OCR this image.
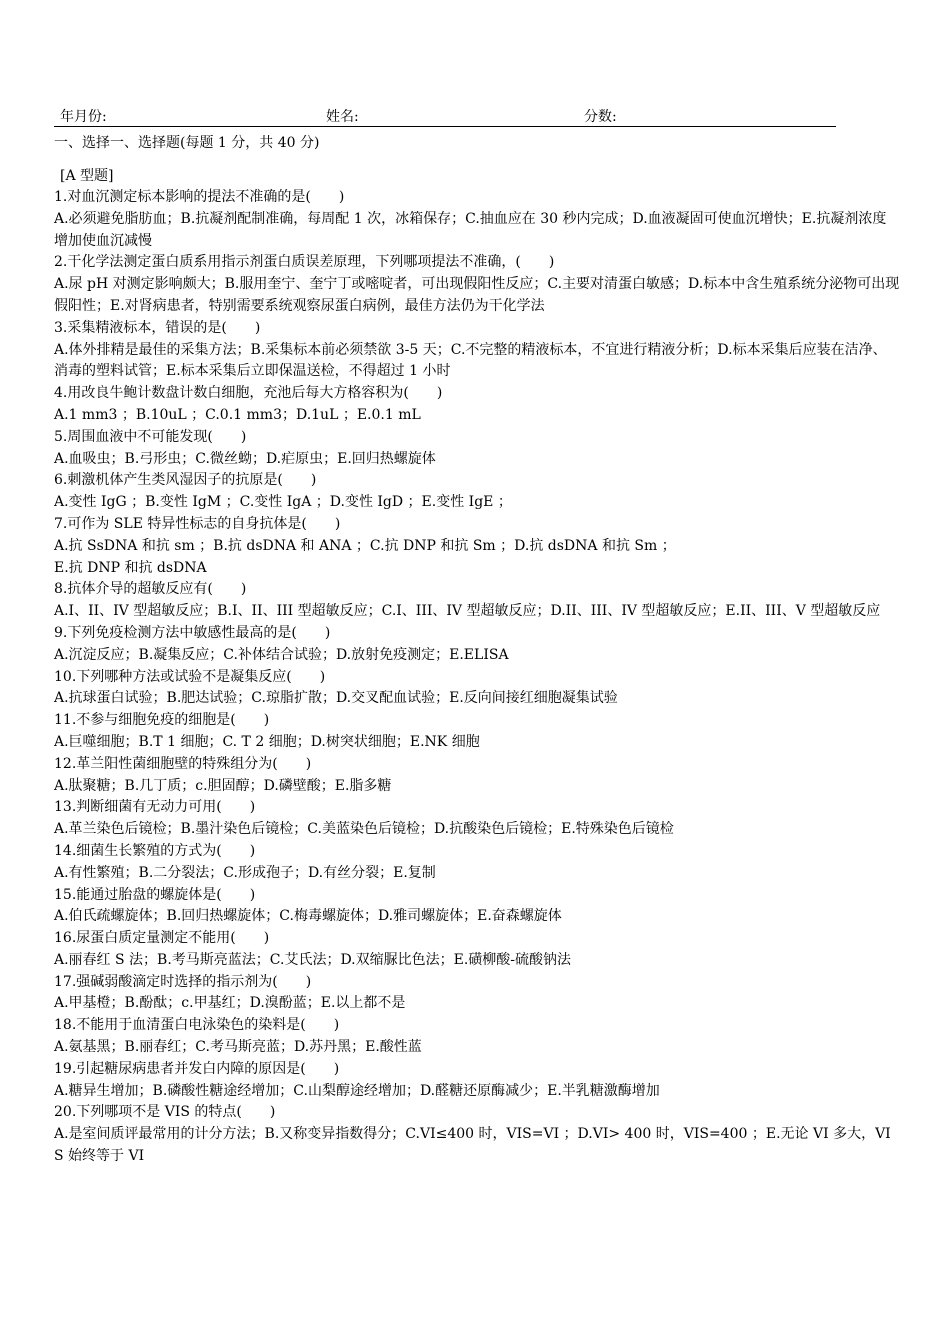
年月份:	姓名:	分数:
一、选择一、选择题(每题 1 分，共 40 分)
[A 型题]
1.对血沉测定标本影响的提法不准确的是(　　)
A.必须避免脂肪血；B.抗凝剂配制准确，每周配 1 次，冰箱保存；C.抽血应在 30 秒内完成；D.血液凝固可使血沉增快；E.抗凝剂浓度增加使血沉减慢
2.干化学法测定蛋白质系用指示剂蛋白质误差原理，下列哪项提法不准确，(　　)
A.尿 pH 对测定影响颇大；B.服用奎宁、奎宁丁或嘧啶者，可出现假阳性反应；C.主要对清蛋白敏感；D.标本中含生殖系统分泌物可出现假阳性；E.对肾病患者，特别需要系统观察尿蛋白病例，最佳方法仍为干化学法
3.采集精液标本，错误的是(　　)
A.体外排精是最佳的采集方法；B.采集标本前必须禁欲 3-5 天；C.不完整的精液标本，不宜进行精液分析；D.标本采集后应装在洁净、消毒的塑料试管；E.标本采集后立即保温送检，不得超过 1 小时
4.用改良牛鲍计数盘计数白细胞，充池后每大方格容积为(　　)
A.1 mm3 ；B.10uL ；C.0.1 mm3；D.1uL ；E.0.1 mL
5.周围血液中不可能发现(　　)
A.血吸虫；B.弓形虫；C.微丝蚴；D.疟原虫；E.回归热螺旋体
6.刺激机体产生类风湿因子的抗原是(　　)
A.变性 IgG ；B.变性 IgM ；C.变性 IgA ；D.变性 IgD ；E.变性 IgE ；
7.可作为 SLE 特异性标志的自身抗体是(　　)
A.抗 SsDNA 和抗 sm ；B.抗 dsDNA 和 ANA ；C.抗 DNP 和抗 Sm ；D.抗 dsDNA 和抗 Sm ；
E.抗 DNP 和抗 dsDNA
8.抗体介导的超敏反应有(　　)
A.I、II、IV 型超敏反应；B.I、II、III 型超敏反应；C.I、III、IV 型超敏反应；D.II、III、IV 型超敏反应；E.II、III、V 型超敏反应
9.下列免疫检测方法中敏感性最高的是(　　)
A.沉淀反应；B.凝集反应；C.补体结合试验；D.放射免疫测定；E.ELISA
10.下列哪种方法或试验不是凝集反应(　　)
A.抗球蛋白试验；B.肥达试验；C.琼脂扩散；D.交叉配血试验；E.反向间接红细胞凝集试验
11.不参与细胞免疫的细胞是(　　)
A.巨噬细胞；B.T 1 细胞；C. T 2 细胞；D.树突状细胞；E.NK 细胞
12.革兰阳性菌细胞壁的特殊组分为(　　)
A.肽聚糖；B.几丁质；c.胆固醇；D.磷壁酸；E.脂多糖
13.判断细菌有无动力可用(　　)
A.革兰染色后镜检；B.墨汁染色后镜检；C.美蓝染色后镜检；D.抗酸染色后镜检；E.特殊染色后镜检
14.细菌生长繁殖的方式为(　　)
A.有性繁殖；B.二分裂法；C.形成孢子；D.有丝分裂；E.复制
15.能通过胎盘的螺旋体是(　　)
A.伯氏疏螺旋体；B.回归热螺旋体；C.梅毒螺旋体；D.雅司螺旋体；E.奋森螺旋体
16.尿蛋白质定量测定不能用(　　)
A.丽春红 S 法；B.考马斯亮蓝法；C.艾氏法；D.双缩脲比色法；E.磺柳酸-硫酸钠法
17.强碱弱酸滴定时选择的指示剂为(　　)
A.甲基橙；B.酚酞；c.甲基红；D.溴酚蓝；E.以上都不是
18.不能用于血清蛋白电泳染色的染料是(　　)
A.氨基黑；B.丽春红；C.考马斯亮蓝；D.苏丹黑；E.酸性蓝
19.引起糖尿病患者并发白内障的原因是(　　)
A.糖异生增加；B.磷酸性糖途经增加；C.山梨醇途经增加；D.醛糖还原酶减少；E.半乳糖激酶增加
20.下列哪项不是 VIS 的特点(　　)
A.是室间质评最常用的计分方法；B.又称变异指数得分；C.VI≤400 时，VIS=VI ；D.VI> 400 时，VIS=400 ；E.无论 VI 多大，VIS 始终等于 VI
